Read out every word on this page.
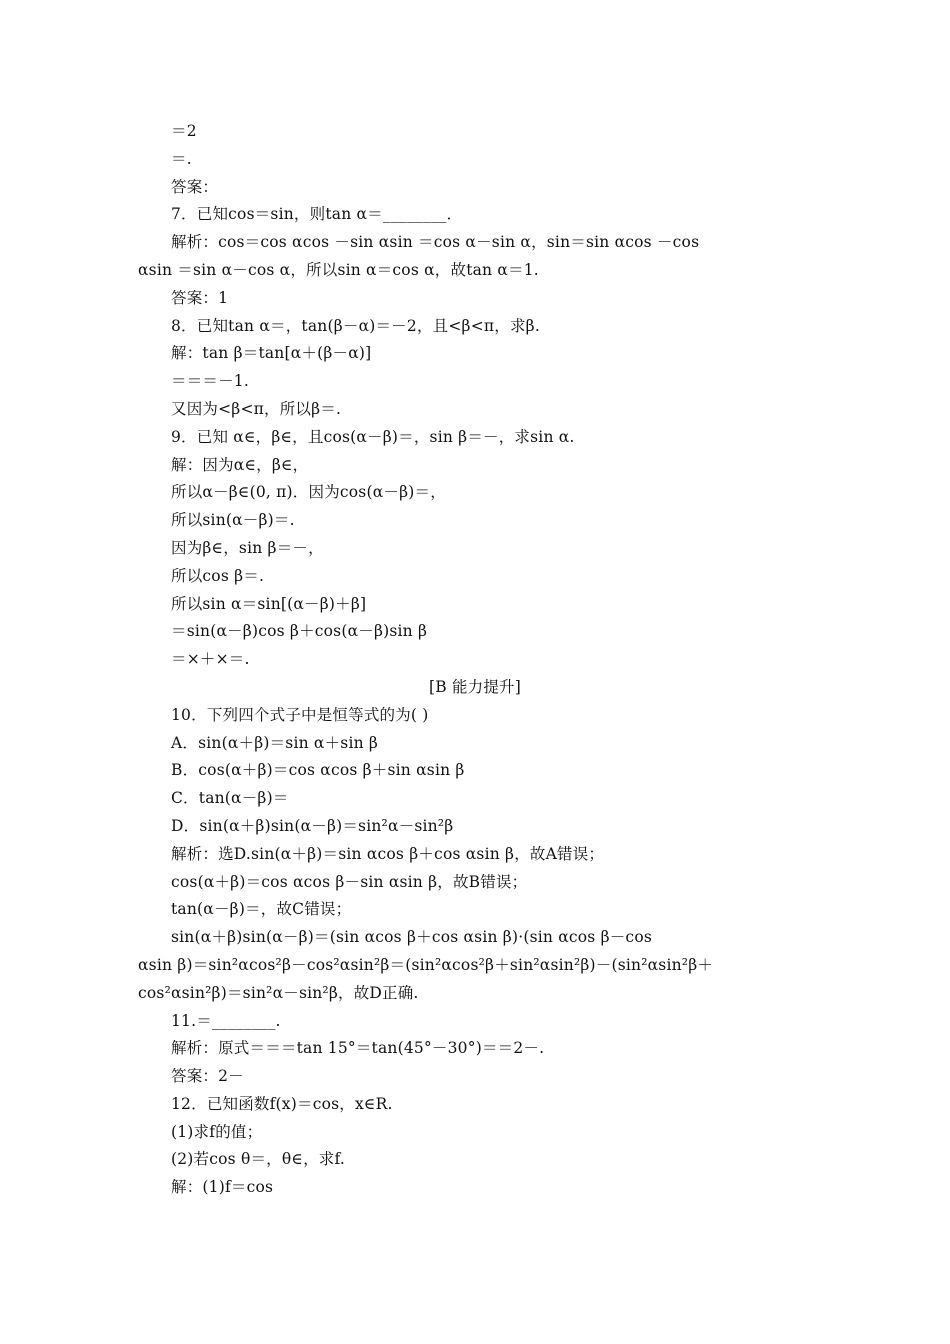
＝2
＝.
答案：
7．已知cos＝sin，则tan α＝________．
解析：cos＝cos αcos －sin αsin ＝cos α－sin α，sin＝sin αcos －cos
αsin ＝sin α－cos α，所以sin α＝cos α，故tan α＝1.
答案：1
8．已知tan α＝，tan(β－α)＝－2，且<β<π，求β.
解：tan β＝tan[α＋(β－α)]
＝＝＝－1.
又因为<β<π，所以β＝.
9．已知 α∈，β∈，且cos(α－β)＝，sin β＝－，求sin α.
解：因为α∈，β∈，
所以α－β∈(0, π)．因为cos(α－β)＝，
所以sin(α－β)＝.
因为β∈，sin β＝－，
所以cos β＝.
所以sin α＝sin[(α－β)＋β]
＝sin(α－β)cos β＋cos(α－β)sin β
＝×＋×＝.
[B 能力提升]
10．下列四个式子中是恒等式的为( )
A．sin(α＋β)＝sin α＋sin β
B．cos(α＋β)＝cos αcos β＋sin αsin β
C．tan(α－β)＝
D．sin(α＋β)sin(α－β)＝sin²α－sin²β
解析：选D.sin(α＋β)＝sin αcos β＋cos αsin β，故A错误；
cos(α＋β)＝cos αcos β－sin αsin β，故B错误；
tan(α－β)＝，故C错误；
sin(α＋β)sin(α－β)＝(sin αcos β＋cos αsin β)·(sin αcos β－cos
αsin β)＝sin²αcos²β－cos²αsin²β＝(sin²αcos²β＋sin²αsin²β)－(sin²αsin²β＋
cos²αsin²β)＝sin²α－sin²β，故D正确.
11.＝________.
解析：原式＝＝＝tan 15°＝tan(45°－30°)＝＝2－.
答案：2－
12．已知函数f(x)＝cos，x∈R.
(1)求f的值；
(2)若cos θ＝，θ∈，求f.
解：(1)f＝cos
